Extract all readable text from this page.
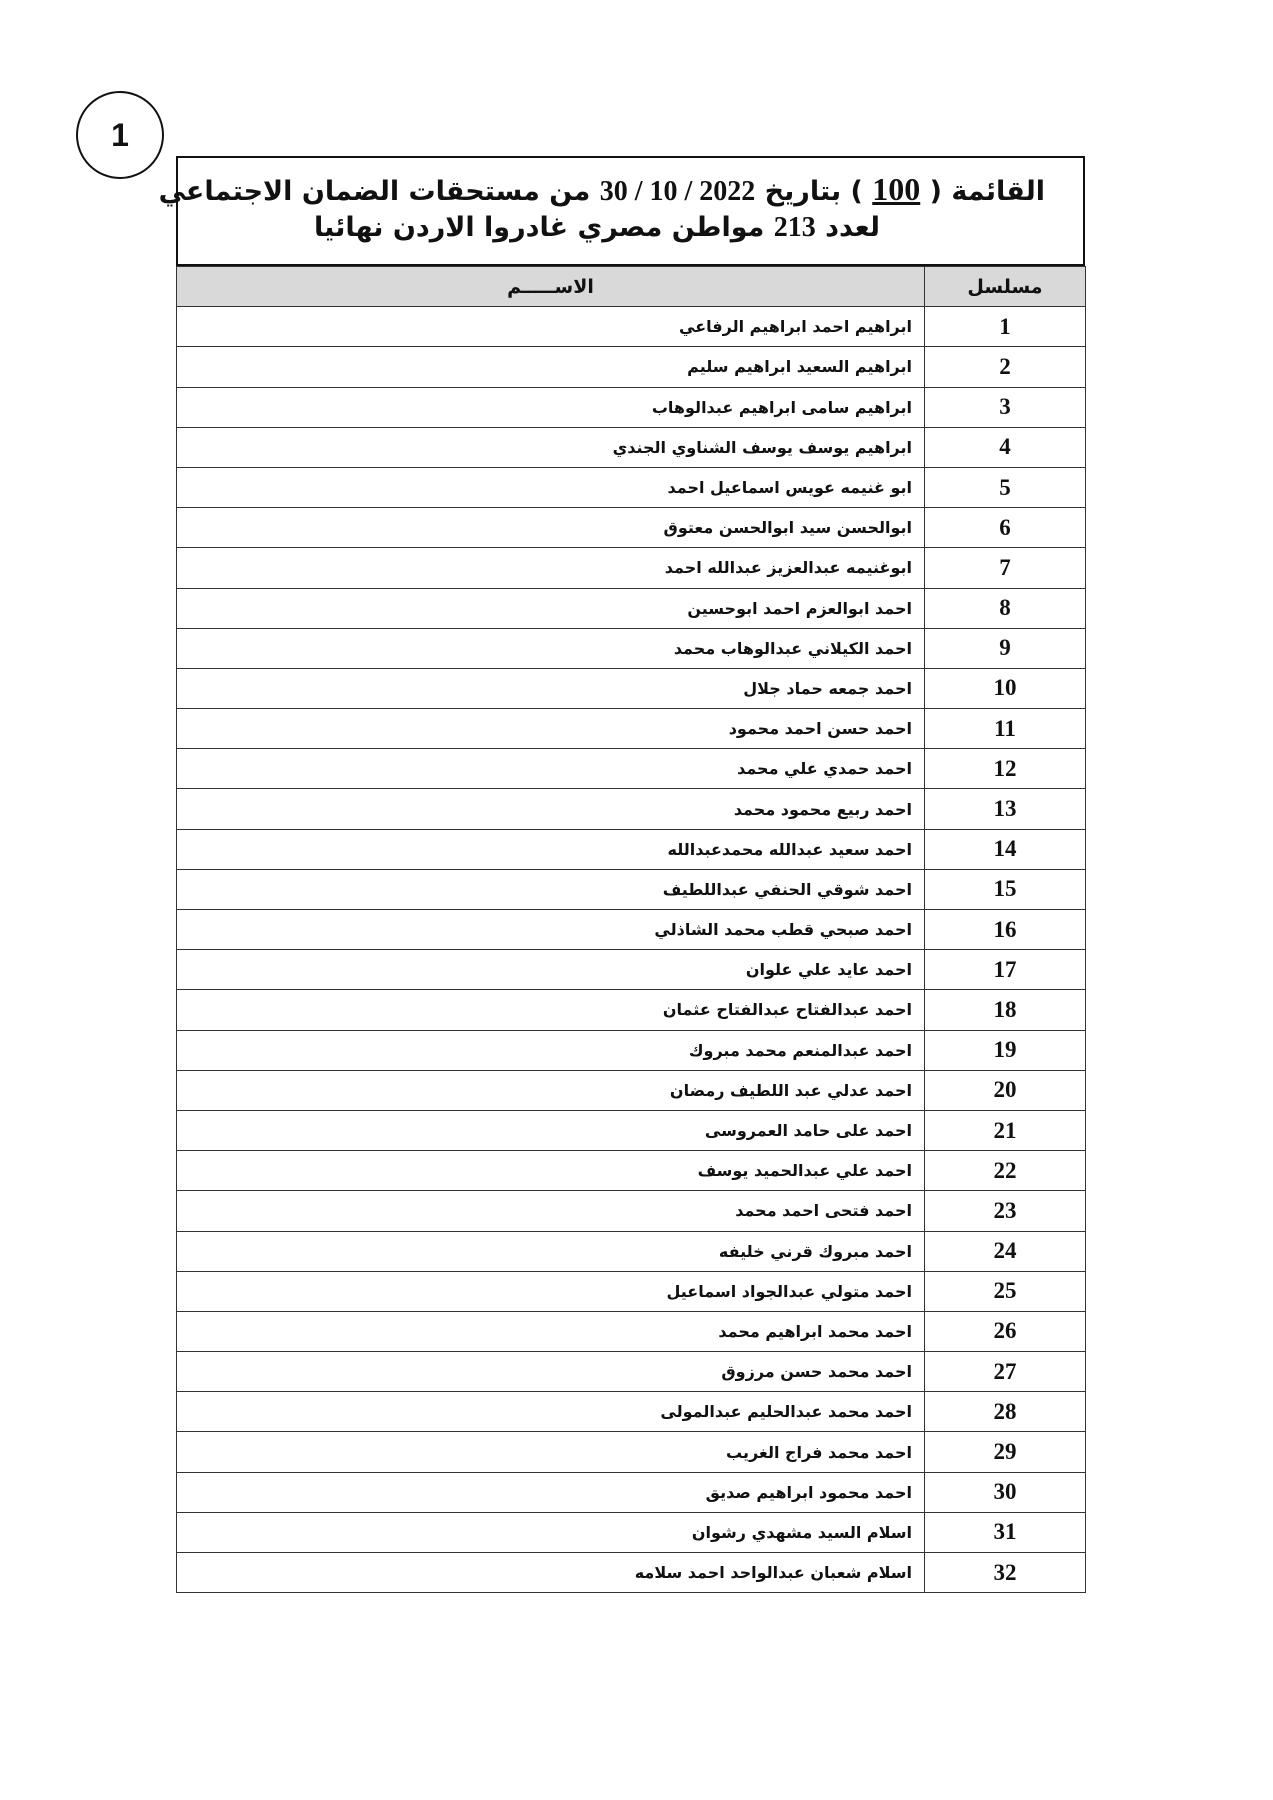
1
القائمة ( 100 ) بتاريخ 30 / 10 / 2022 من مستحقات الضمان الاجتماعي
لعدد 213 مواطن مصري غادروا الاردن نهائيا
مسلسل	الاســـــم
1	ابراهيم احمد ابراهيم الرفاعي
2	ابراهيم السعيد ابراهيم سليم
3	ابراهيم سامى ابراهيم عبدالوهاب
4	ابراهيم يوسف يوسف الشناوي الجندي
5	ابو غنيمه عويس اسماعيل احمد
6	ابوالحسن سيد ابوالحسن معتوق
7	ابوغنيمه عبدالعزيز عبدالله احمد
8	احمد ابوالعزم احمد ابوحسين
9	احمد الكيلاني عبدالوهاب محمد
10	احمد جمعه حماد جلال
11	احمد حسن احمد محمود
12	احمد حمدي علي محمد
13	احمد ربيع محمود محمد
14	احمد سعيد عبدالله محمدعبدالله
15	احمد شوقي الحنفي عبداللطيف
16	احمد صبحي قطب محمد الشاذلي
17	احمد عايد علي علوان
18	احمد عبدالفتاح عبدالفتاح عثمان
19	احمد عبدالمنعم محمد مبروك
20	احمد عدلي عبد اللطيف رمضان
21	احمد على حامد العمروسى
22	احمد علي عبدالحميد يوسف
23	احمد فتحى احمد محمد
24	احمد مبروك قرني خليفه
25	احمد متولي عبدالجواد اسماعيل
26	احمد محمد ابراهيم محمد
27	احمد محمد حسن مرزوق
28	احمد محمد عبدالحليم عبدالمولى
29	احمد محمد فراج الغريب
30	احمد محمود ابراهيم صديق
31	اسلام السيد مشهدي رشوان
32	اسلام شعبان عبدالواحد احمد سلامه
